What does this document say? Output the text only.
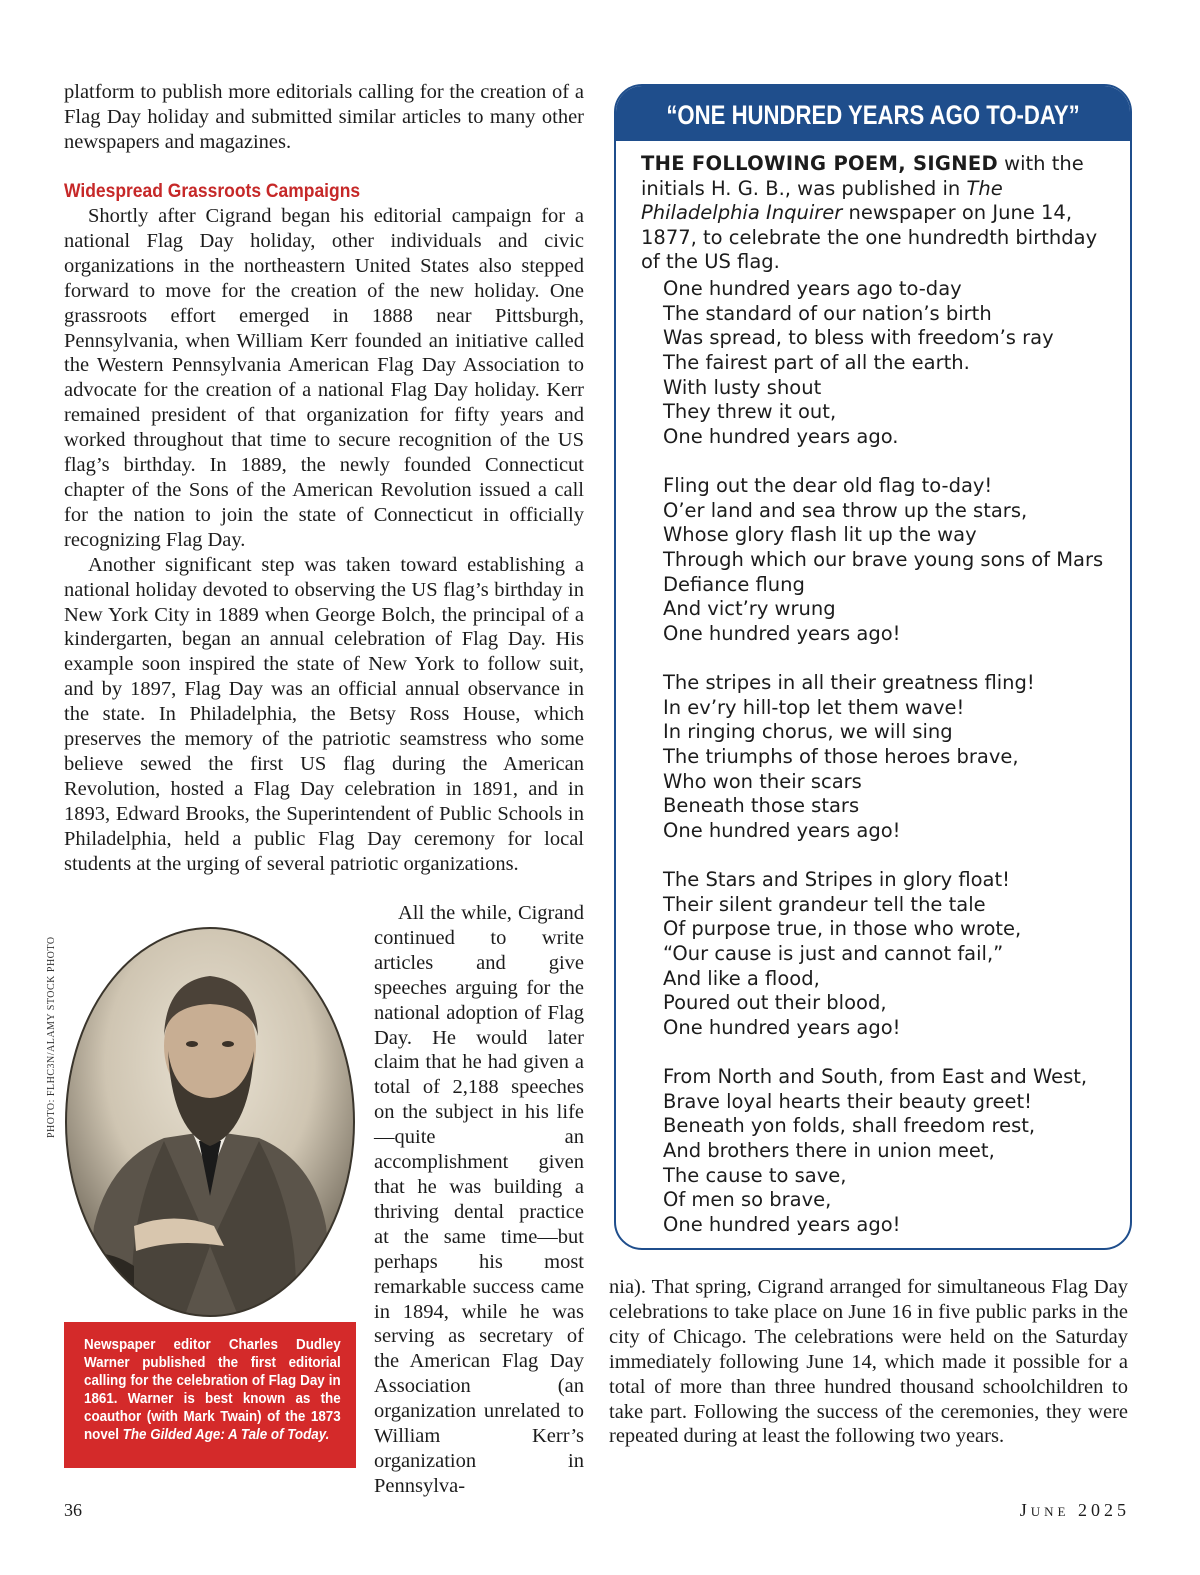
platform to publish more editorials calling for the creation of a Flag Day holiday and submitted similar articles to many other newspapers and magazines.

Widespread Grassroots Campaigns

Shortly after Cigrand began his editorial campaign for a national Flag Day holiday, other individuals and civic organizations in the northeastern United States also stepped forward to move for the creation of the new holiday. One grassroots effort emerged in 1888 near Pittsburgh, Pennsylvania, when William Kerr founded an initiative called the Western Pennsylvania American Flag Day Association to advocate for the creation of a national Flag Day holiday. Kerr remained president of that organization for fifty years and worked throughout that time to secure recognition of the US flag’s birthday. In 1889, the newly founded Connecticut chapter of the Sons of the American Revolution issued a call for the nation to join the state of Connecticut in officially recognizing Flag Day.

Another significant step was taken toward establishing a national holiday devoted to observing the US flag’s birthday in New York City in 1889 when George Bolch, the principal of a kindergarten, began an annual celebration of Flag Day. His example soon inspired the state of New York to follow suit, and by 1897, Flag Day was an official annual observance in the state. In Philadelphia, the Betsy Ross House, which preserves the memory of the patriotic seamstress who some believe sewed the first US flag during the American Revolution, hosted a Flag Day celebration in 1891, and in 1893, Edward Brooks, the Superintendent of Public Schools in Philadelphia, held a public Flag Day ceremony for local students at the urging of several patriotic organizations.

All the while, Cigrand continued to write articles and give speeches arguing for the national adoption of Flag Day. He would later claim that he had given a total of 2,188 speeches on the subject in his life—quite an accomplishment given that he was building a thriving dental practice at the same time—but perhaps his most remarkable success came in 1894, while he was serving as secretary of the American Flag Day Association (an organization unrelated to William Kerr’s organization in Pennsylva-

PHOTO: FLHC3N/ALAMY STOCK PHOTO
Newspaper editor Charles Dudley Warner published the first editorial calling for the celebration of Flag Day in 1861. Warner is best known as the coauthor (with Mark Twain) of the 1873 novel The Gilded Age: A Tale of Today.
“ONE HUNDRED YEARS AGO TO-DAY”

THE FOLLOWING POEM, SIGNED with the initials H. G. B., was published in The Philadelphia Inquirer newspaper on June 14, 1877, to celebrate the one hundredth birthday of the US flag.

One hundred years ago to-day
The standard of our nation’s birth
Was spread, to bless with freedom’s ray
The fairest part of all the earth.
With lusty shout
They threw it out,
One hundred years ago.
Fling out the dear old flag to-day!
O’er land and sea throw up the stars,
Whose glory flash lit up the way
Through which our brave young sons of Mars
Defiance flung
And vict’ry wrung
One hundred years ago!
The stripes in all their greatness fling!
In ev’ry hill-top let them wave!
In ringing chorus, we will sing
The triumphs of those heroes brave,
Who won their scars
Beneath those stars
One hundred years ago!
The Stars and Stripes in glory float!
Their silent grandeur tell the tale
Of purpose true, in those who wrote,
“Our cause is just and cannot fail,”
And like a flood,
Poured out their blood,
One hundred years ago!
From North and South, from East and West,
Brave loyal hearts their beauty greet!
Beneath yon folds, shall freedom rest,
And brothers there in union meet,
The cause to save,
Of men so brave,
One hundred years ago!

nia). That spring, Cigrand arranged for simultaneous Flag Day celebrations to take place on June 16 in five public parks in the city of Chicago. The celebrations were held on the Saturday immediately following June 14, which made it possible for a total of more than three hundred thousand schoolchildren to take part. Following the success of the ceremonies, they were repeated during at least the following two years.

36	June 2025
